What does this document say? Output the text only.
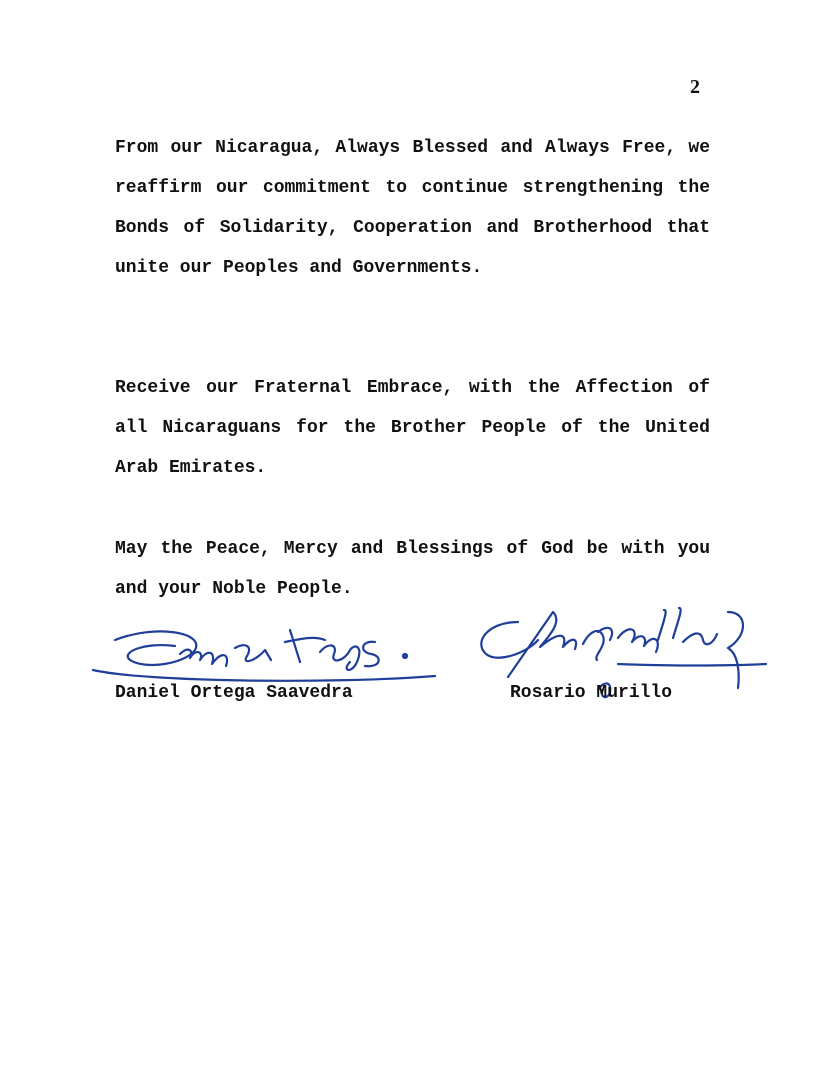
2

From our Nicaragua, Always Blessed and Always Free, we reaffirm our commitment to continue strengthening the Bonds of Solidarity, Cooperation and Brotherhood that unite our Peoples and Governments.

Receive our Fraternal Embrace, with the Affection of all Nicaraguans for the Brother People of the United Arab Emirates.

May the Peace, Mercy and Blessings of God be with you and your Noble People.

Daniel Ortega Saavedra	Rosario Murillo
